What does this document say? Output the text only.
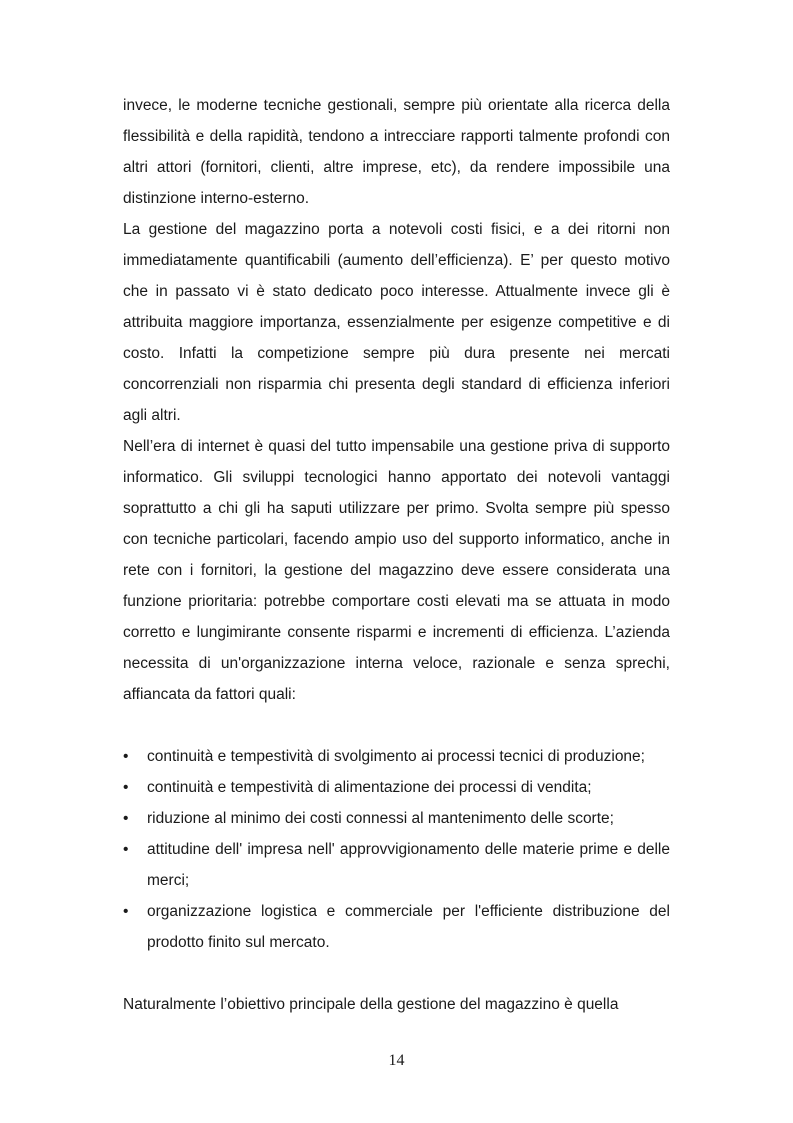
invece, le moderne tecniche gestionali, sempre più orientate alla ricerca della flessibilità e della rapidità, tendono a intrecciare rapporti talmente profondi con altri attori (fornitori, clienti, altre imprese, etc), da rendere impossibile una distinzione interno-esterno.

La gestione del magazzino porta a notevoli costi fisici, e a dei ritorni non immediatamente quantificabili (aumento dell’efficienza). E’ per questo motivo che in passato vi è stato dedicato poco interesse. Attualmente invece gli è attribuita maggiore importanza, essenzialmente per esigenze competitive e di costo. Infatti la competizione sempre più dura presente nei mercati concorrenziali non risparmia chi presenta degli standard di efficienza inferiori agli altri.

Nell’era di internet è quasi del tutto impensabile una gestione priva di supporto informatico. Gli sviluppi tecnologici hanno apportato dei notevoli vantaggi soprattutto a chi gli ha saputi utilizzare per primo. Svolta sempre più spesso con tecniche particolari, facendo ampio uso del supporto informatico, anche in rete con i fornitori, la gestione del magazzino deve essere considerata una funzione prioritaria: potrebbe comportare costi elevati ma se attuata in modo corretto e lungimirante consente risparmi e incrementi di efficienza. L’azienda necessita di un'organizzazione interna veloce, razionale e senza sprechi, affiancata da fattori quali:

• continuità e tempestività di svolgimento ai processi tecnici di produzione;
• continuità e tempestività di alimentazione dei processi di vendita;
• riduzione al minimo dei costi connessi al mantenimento delle scorte;
• attitudine dell' impresa nell' approvvigionamento delle materie prime e delle merci;
• organizzazione logistica e commerciale per l'efficiente distribuzione del prodotto finito sul mercato.

Naturalmente l’obiettivo principale della gestione del magazzino è quella

14
